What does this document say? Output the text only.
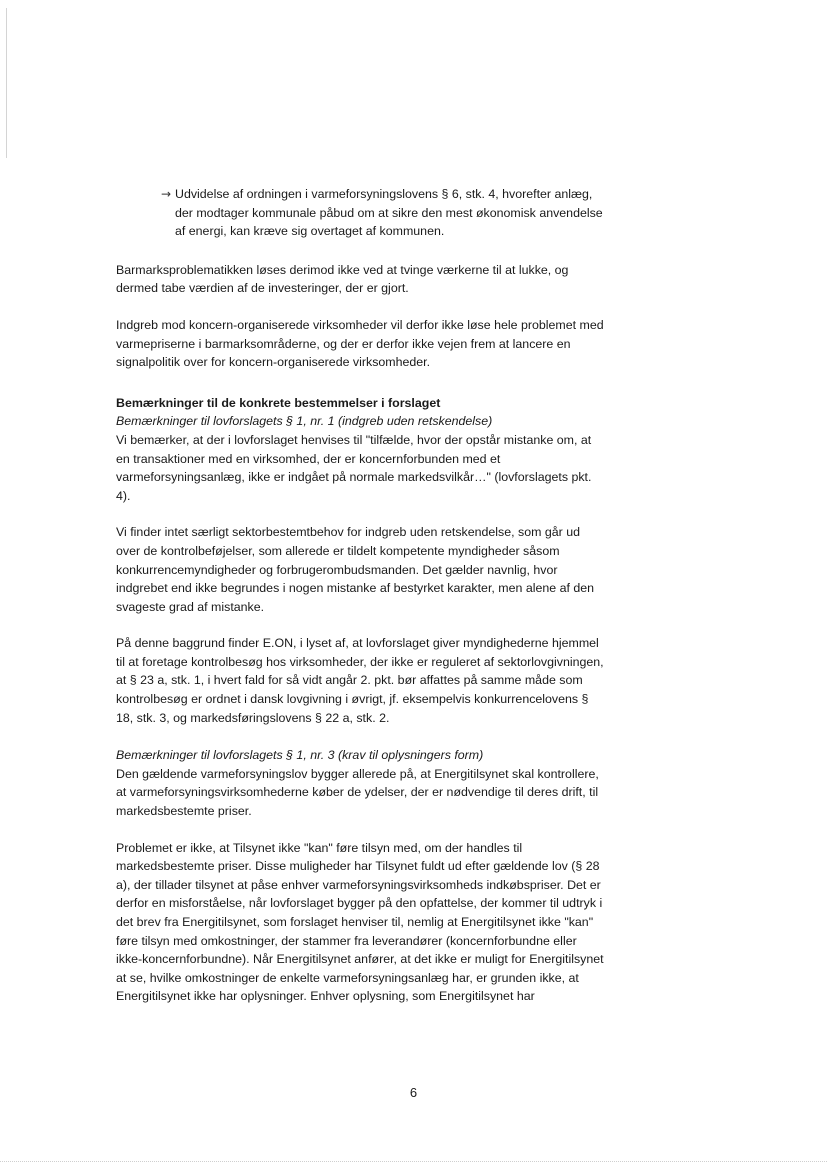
→ Udvidelse af ordningen i varmeforsyningslovens § 6, stk. 4, hvorefter anlæg, der modtager kommunale påbud om at sikre den mest økonomisk anvendelse af energi, kan kræve sig overtaget af kommunen.

Barmarksproblematikken løses derimod ikke ved at tvinge værkerne til at lukke, og dermed tabe værdien af de investeringer, der er gjort.

Indgreb mod koncern-organiserede virksomheder vil derfor ikke løse hele problemet med varmepriserne i barmarksområderne, og der er derfor ikke vejen frem at lancere en signalpolitik over for koncern-organiserede virksomheder.

Bemærkninger til de konkrete bestemmelser i forslaget
Bemærkninger til lovforslagets § 1, nr. 1 (indgreb uden retskendelse)

Vi bemærker, at der i lovforslaget henvises til "tilfælde, hvor der opstår mistanke om, at en transaktioner med en virksomhed, der er koncernforbunden med et varmeforsyningsanlæg, ikke er indgået på normale markedsvilkår…" (lovforslagets pkt. 4).

Vi finder intet særligt sektorbestemtbehov for indgreb uden retskendelse, som går ud over de kontrolbeføjelser, som allerede er tildelt kompetente myndigheder såsom konkurrencemyndigheder og forbrugerombudsmanden. Det gælder navnlig, hvor indgrebet end ikke begrundes i nogen mistanke af bestyrket karakter, men alene af den svageste grad af mistanke.

På denne baggrund finder E.ON, i lyset af, at lovforslaget giver myndighederne hjemmel til at foretage kontrolbesøg hos virksomheder, der ikke er reguleret af sektorlovgivningen, at § 23 a, stk. 1, i hvert fald for så vidt angår 2. pkt. bør affattes på samme måde som kontrolbesøg er ordnet i dansk lovgivning i øvrigt, jf. eksempelvis konkurrencelovens § 18, stk. 3, og markedsføringslovens § 22 a, stk. 2.

Bemærkninger til lovforslagets § 1, nr. 3 (krav til oplysningers form)

Den gældende varmeforsyningslov bygger allerede på, at Energitilsynet skal kontrollere, at varmeforsyningsvirksomhederne køber de ydelser, der er nødvendige til deres drift, til markedsbestemte priser.

Problemet er ikke, at Tilsynet ikke "kan" føre tilsyn med, om der handles til markedsbestemte priser. Disse muligheder har Tilsynet fuldt ud efter gældende lov (§ 28 a), der tillader tilsynet at påse enhver varmeforsyningsvirksomheds indkøbspriser. Det er derfor en misforståelse, når lovforslaget bygger på den opfattelse, der kommer til udtryk i det brev fra Energitilsynet, som forslaget henviser til, nemlig at Energitilsynet ikke "kan" føre tilsyn med omkostninger, der stammer fra leverandører (koncernforbundne eller ikke-koncernforbundne). Når Energitilsynet anfører, at det ikke er muligt for Energitilsynet at se, hvilke omkostninger de enkelte varmeforsyningsanlæg har, er grunden ikke, at Energitilsynet ikke har oplysninger. Enhver oplysning, som Energitilsynet har

6
